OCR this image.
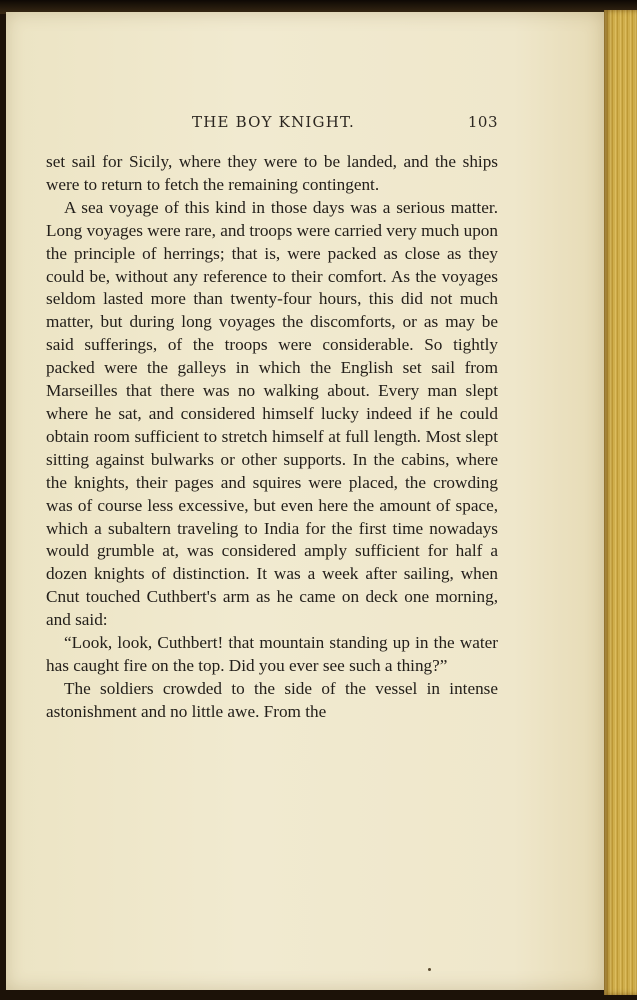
THE BOY KNIGHT.	103

set sail for Sicily, where they were to be landed, and the ships were to return to fetch the remaining contingent.

A sea voyage of this kind in those days was a serious matter. Long voyages were rare, and troops were carried very much upon the principle of herrings; that is, were packed as close as they could be, without any reference to their comfort. As the voyages seldom lasted more than twenty-four hours, this did not much matter, but during long voyages the discomforts, or as may be said sufferings, of the troops were considerable. So tightly packed were the galleys in which the English set sail from Marseilles that there was no walking about. Every man slept where he sat, and considered himself lucky indeed if he could obtain room sufficient to stretch himself at full length. Most slept sitting against bulwarks or other supports. In the cabins, where the knights, their pages and squires were placed, the crowding was of course less excessive, but even here the amount of space, which a subaltern traveling to India for the first time nowadays would grumble at, was considered amply sufficient for half a dozen knights of distinction. It was a week after sailing, when Cnut touched Cuthbert's arm as he came on deck one morning, and said:

“Look, look, Cuthbert! that mountain standing up in the water has caught fire on the top. Did you ever see such a thing?”

The soldiers crowded to the side of the vessel in intense astonishment and no little awe. From the
